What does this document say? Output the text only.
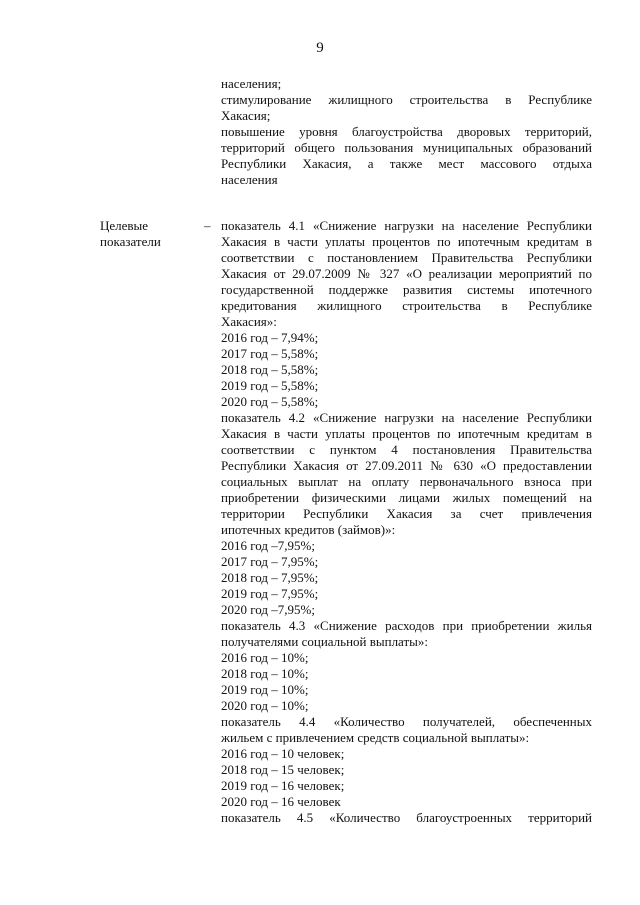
9
населения;
стимулирование жилищного строительства в Республике
Хакасия;
повышение уровня благоустройства дворовых территорий,
территорий общего пользования муниципальных образований
Республики Хакасия, а также мест массового отдыха
населения
Целевые
показатели
– показатель 4.1 «Снижение нагрузки на население Республики
Хакасия в части уплаты процентов по ипотечным кредитам в
соответствии с постановлением Правительства Республики
Хакасия от 29.07.2009 № 327 «О реализации мероприятий по
государственной поддержке развития системы ипотечного
кредитования жилищного строительства в Республике
Хакасия»:
2016 год – 7,94%;
2017 год – 5,58%;
2018 год – 5,58%;
2019 год – 5,58%;
2020 год – 5,58%;
показатель 4.2 «Снижение нагрузки на население Республики
Хакасия в части уплаты процентов по ипотечным кредитам в
соответствии с пунктом 4 постановления Правительства
Республики Хакасия от 27.09.2011 № 630 «О предоставлении
социальных выплат на оплату первоначального взноса при
приобретении физическими лицами жилых помещений на
территории Республики Хакасия за счет привлечения
ипотечных кредитов (займов)»:
2016 год –7,95%;
2017 год – 7,95%;
2018 год – 7,95%;
2019 год – 7,95%;
2020 год –7,95%;
показатель 4.3 «Снижение расходов при приобретении жилья
получателями социальной выплаты»:
2016 год – 10%;
2018 год – 10%;
2019 год – 10%;
2020 год – 10%;
показатель 4.4 «Количество получателей, обеспеченных
жильем с привлечением средств социальной выплаты»:
2016 год – 10 человек;
2018 год – 15 человек;
2019 год – 16 человек;
2020 год – 16 человек
показатель 4.5 «Количество благоустроенных территорий
